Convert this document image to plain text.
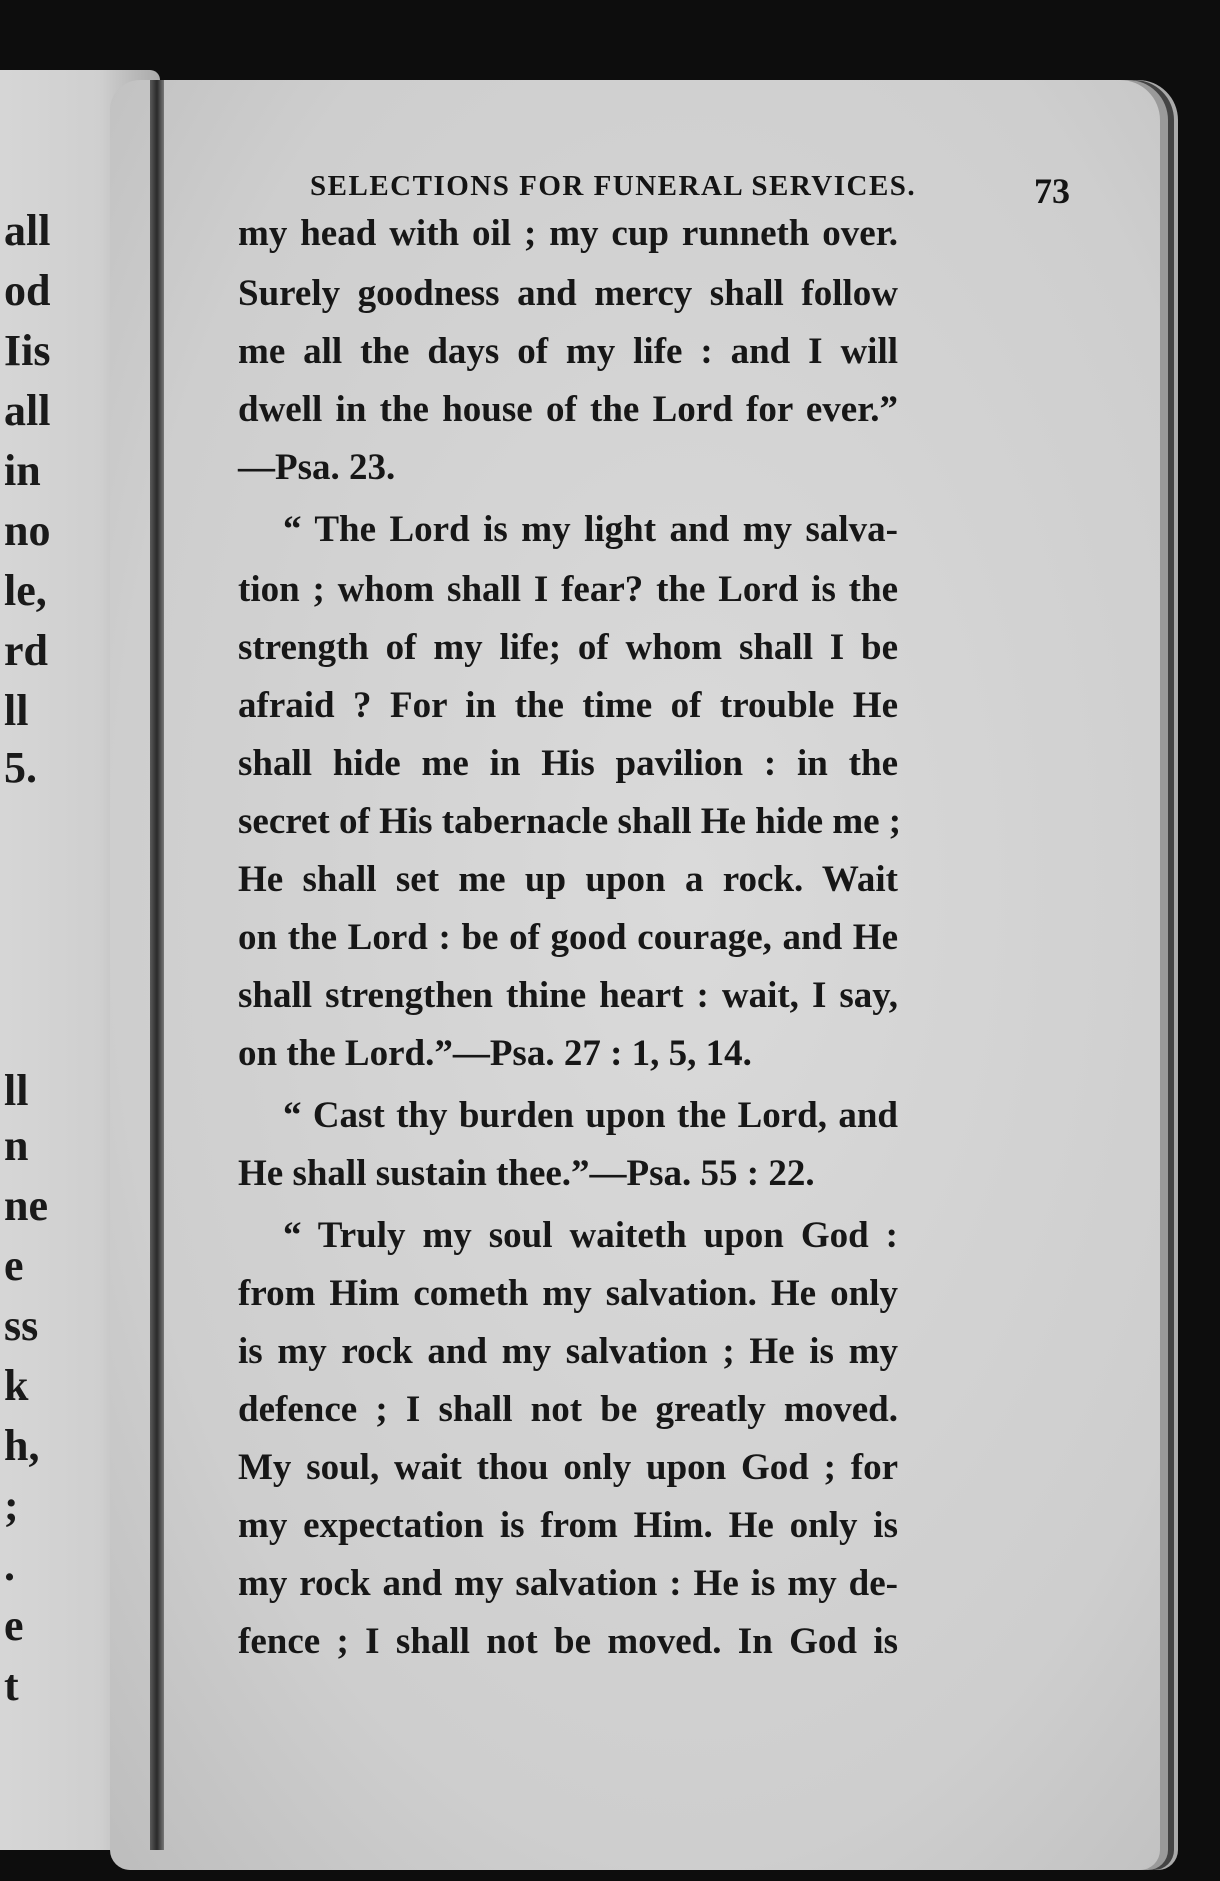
all
od
Iis
all
in
no
le,
rd
ll
5.
ll
n
ne
e
ss
k
h,
;
.
e
t
SELECTIONS FOR FUNERAL SERVICES.	73
my head with oil ; my cup runneth over.
Surely goodness and mercy shall follow
me all the days of my life : and I will
dwell in the house of the Lord for ever.”
—Psa. 23.
“ The Lord is my light and my salva-
tion ; whom shall I fear? the Lord is the
strength of my life; of whom shall I be
afraid ? For in the time of trouble He
shall hide me in His pavilion : in the
secret of His tabernacle shall He hide me ;
He shall set me up upon a rock. Wait
on the Lord : be of good courage, and He
shall strengthen thine heart : wait, I say,
on the Lord.”—Psa. 27 : 1, 5, 14.
“ Cast thy burden upon the Lord, and
He shall sustain thee.”—Psa. 55 : 22.
“ Truly my soul waiteth upon God :
from Him cometh my salvation. He only
is my rock and my salvation ; He is my
defence ; I shall not be greatly moved.
My soul, wait thou only upon God ; for
my expectation is from Him. He only is
my rock and my salvation : He is my de-
fence ; I shall not be moved. In God is
